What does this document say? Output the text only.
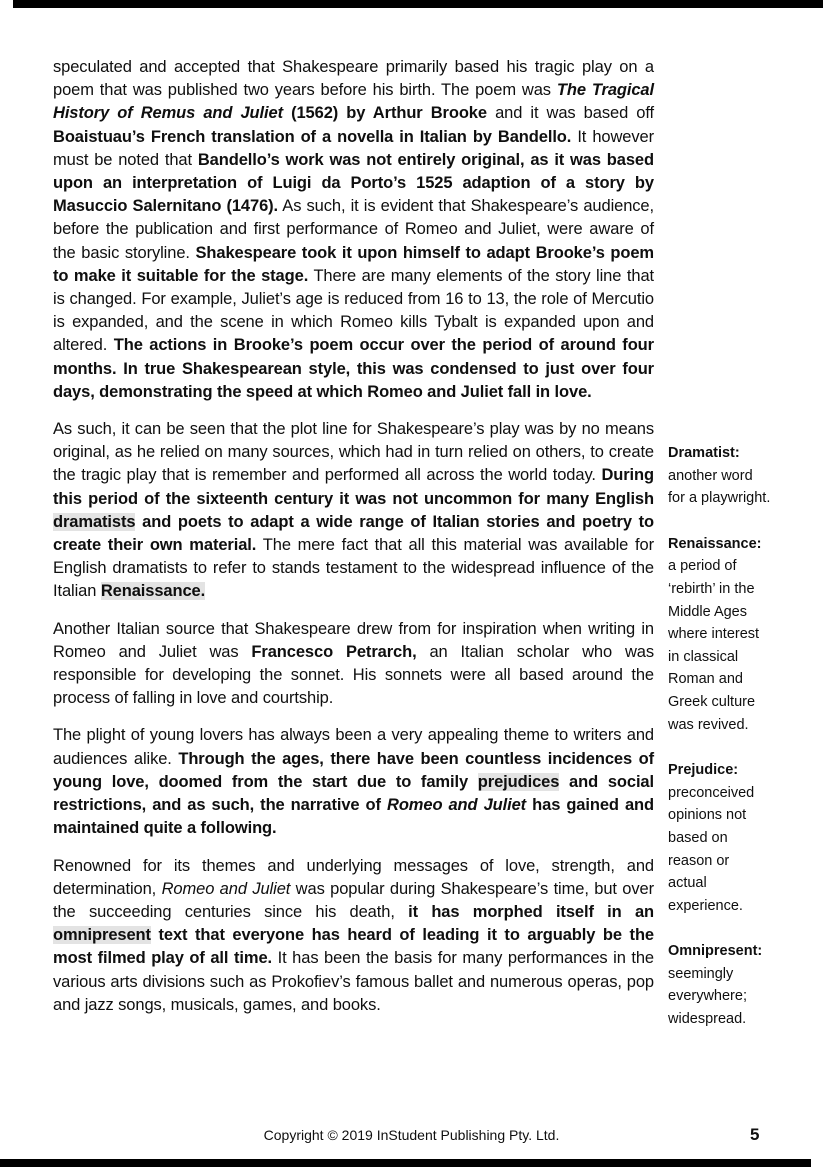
speculated and accepted that Shakespeare primarily based his tragic play on a poem that was published two years before his birth. The poem was The Tragical History of Remus and Juliet (1562) by Arthur Brooke and it was based off Boaistuau’s French translation of a novella in Italian by Bandello. It however must be noted that Bandello’s work was not entirely original, as it was based upon an interpretation of Luigi da Porto’s 1525 adaption of a story by Masuccio Salernitano (1476). As such, it is evident that Shakespeare’s audience, before the publication and first performance of Romeo and Juliet, were aware of the basic storyline. Shakespeare took it upon himself to adapt Brooke’s poem to make it suitable for the stage. There are many elements of the story line that is changed. For example, Juliet’s age is reduced from 16 to 13, the role of Mercutio is expanded, and the scene in which Romeo kills Tybalt is expanded upon and altered. The actions in Brooke’s poem occur over the period of around four months. In true Shakespearean style, this was condensed to just over four days, demonstrating the speed at which Romeo and Juliet fall in love.

As such, it can be seen that the plot line for Shakespeare’s play was by no means original, as he relied on many sources, which had in turn relied on others, to create the tragic play that is remember and performed all across the world today. During this period of the sixteenth century it was not uncommon for many English dramatists and poets to adapt a wide range of Italian stories and poetry to create their own material. The mere fact that all this material was available for English dramatists to refer to stands testament to the widespread influence of the Italian Renaissance.

Another Italian source that Shakespeare drew from for inspiration when writing in Romeo and Juliet was Francesco Petrarch, an Italian scholar who was responsible for developing the sonnet. His sonnets were all based around the process of falling in love and courtship.

The plight of young lovers has always been a very appealing theme to writers and audiences alike. Through the ages, there have been countless incidences of young love, doomed from the start due to family prejudices and social restrictions, and as such, the narrative of Romeo and Juliet has gained and maintained quite a following.

Renowned for its themes and underlying messages of love, strength, and determination, Romeo and Juliet was popular during Shakespeare’s time, but over the succeeding centuries since his death, it has morphed itself in an omnipresent text that everyone has heard of leading it to arguably be the most filmed play of all time. It has been the basis for many performances in the various arts divisions such as Prokofiev’s famous ballet and numerous operas, pop and jazz songs, musicals, games, and books.

Dramatist:
another word
for a playwright.
Renaissance:
a period of
‘rebirth’ in the
Middle Ages
where interest
in classical
Roman and
Greek culture
was revived.
Prejudice:
preconceived
opinions not
based on
reason or
actual
experience.
Omnipresent:
seemingly
everywhere;
widespread.
Copyright © 2019 InStudent Publishing Pty. Ltd.	5
